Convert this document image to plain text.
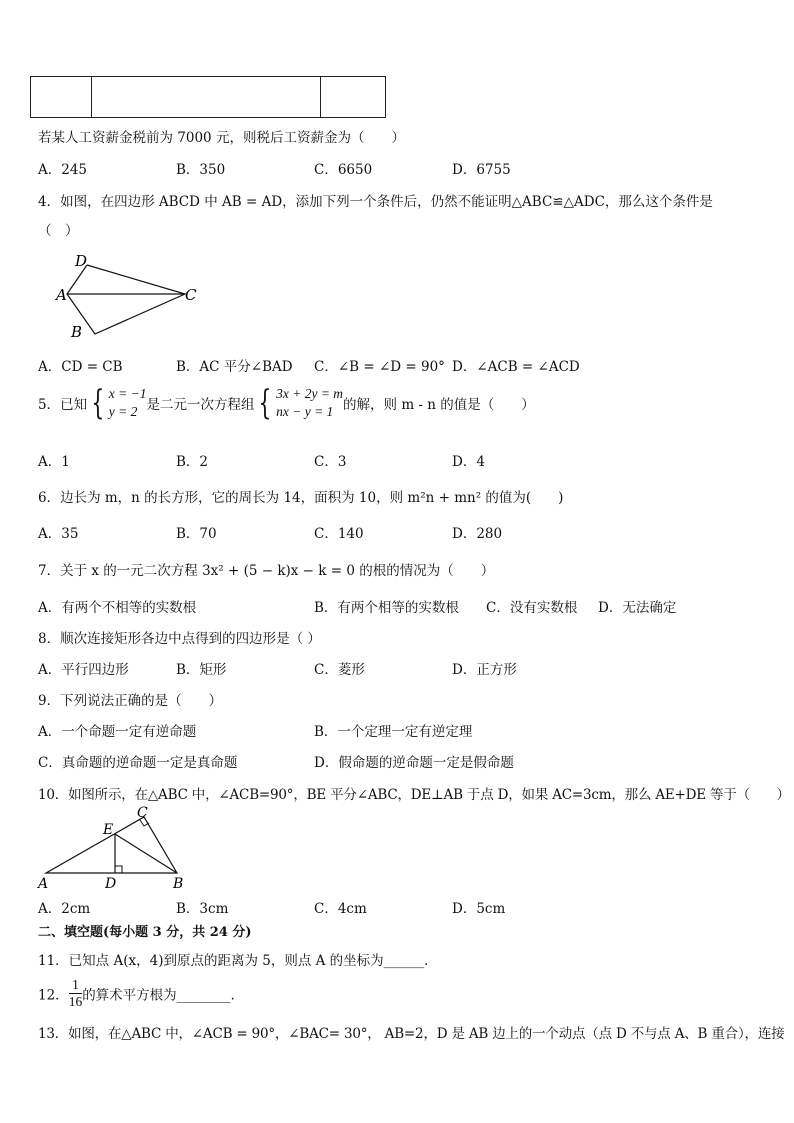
若某人工资薪金税前为 7000 元，则税后工资薪金为（　　）
A．245	B．350	C．6650	D．6755
4．如图，在四边形 ABCD 中 AB = AD，添加下列一个条件后，仍然不能证明△ABC≌△ADC，那么这个条件是
（　）
D
A	C
B
A．CD = CB	B．AC 平分∠BAD C．∠B = ∠D = 90° D．∠ACB = ∠ACD
5．已知 { x = −1
y = 2 是二元一次方程组 { 3x + 2y = m
nx − y = 1 的解，则 m - n 的值是（　　）
A．1	B．2	C．3	D．4
6．边长为 m，n 的长方形，它的周长为 14，面积为 10，则 m²n + mn² 的值为(　　)
A．35	B．70	C．140	D．280
7．关于 x 的一元二次方程 3x² + (5 − k)x − k = 0 的根的情况为（　　）
A．有两个不相等的实数根	B．有两个相等的实数根 C．没有实数根 D．无法确定
8．顺次连接矩形各边中点得到的四边形是（ ）
A．平行四边形	B．矩形	C．菱形	D．正方形
9．下列说法正确的是（　　）
A．一个命题一定有逆命题	B．一个定理一定有逆定理
C．真命题的逆命题一定是真命题	D．假命题的逆命题一定是假命题
10．如图所示，在△ABC 中，∠ACB=90°，BE 平分∠ABC，DE⊥AB 于点 D，如果 AC=3cm，那么 AE+DE 等于（　　）
C
E
A	D	B
A．2cm	B．3cm	C．4cm	D．5cm
二、填空题(每小题 3 分，共 24 分)
11．已知点 A(x，4)到原点的距离为 5，则点 A 的坐标为______．
12． $\frac{1}{16}$ 的算术平方根为________．
13．如图，在△ABC 中，∠ACB = 90°，∠BAC= 30°， AB=2，D 是 AB 边上的一个动点（点 D 不与点 A、B 重合），连接
